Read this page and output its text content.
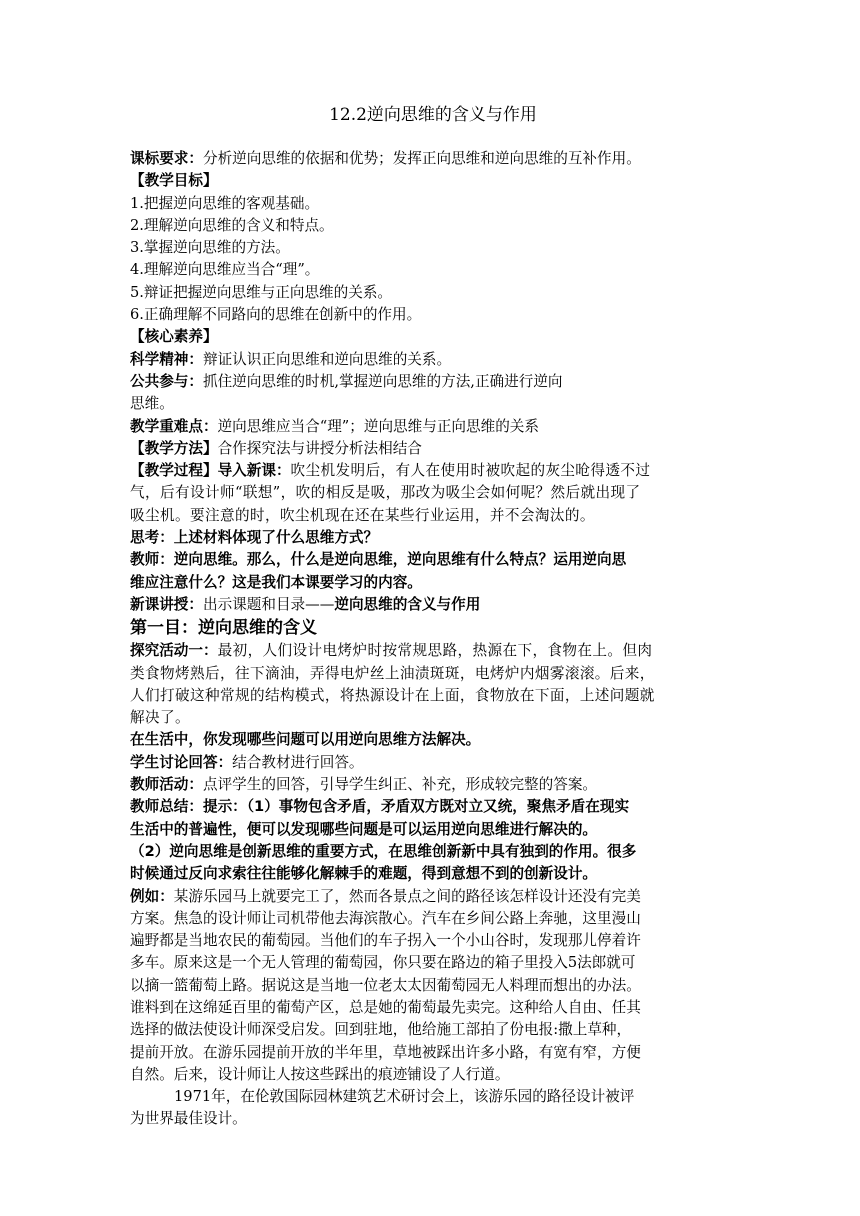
12.2逆向思维的含义与作用
课标要求：分析逆向思维的依据和优势；发挥正向思维和逆向思维的互补作用。
【教学目标】
1.把握逆向思维的客观基础。
2.理解逆向思维的含义和特点。
3.掌握逆向思维的方法。
4.理解逆向思维应当合“理”。
5.辩证把握逆向思维与正向思维的关系。
6.正确理解不同路向的思维在创新中的作用。
【核心素养】
科学精神：辩证认识正向思维和逆向思维的关系。
公共参与：抓住逆向思维的时机,掌握逆向思维的方法,正确进行逆向
思维。
教学重难点：逆向思维应当合“理”；逆向思维与正向思维的关系
【教学方法】合作探究法与讲授分析法相结合
【教学过程】导入新课：吹尘机发明后，有人在使用时被吹起的灰尘呛得透不过
气，后有设计师“联想”，吹的相反是吸，那改为吸尘会如何呢？然后就出现了
吸尘机。要注意的时，吹尘机现在还在某些行业运用，并不会淘汰的。
思考：上述材料体现了什么思维方式？
教师：逆向思维。那么，什么是逆向思维，逆向思维有什么特点？运用逆向思
维应注意什么？这是我们本课要学习的内容。
新课讲授：出示课题和目录——逆向思维的含义与作用
第一目：逆向思维的含义
探究活动一：最初，人们设计电烤炉时按常规思路，热源在下，食物在上。但肉
类食物烤熟后，往下滴油，弄得电炉丝上油渍斑斑，电烤炉内烟雾滚滚。后来，
人们打破这种常规的结构模式，将热源设计在上面，食物放在下面，上述问题就
解决了。
在生活中，你发现哪些问题可以用逆向思维方法解决。
学生讨论回答：结合教材进行回答。
教师活动：点评学生的回答，引导学生纠正、补充，形成较完整的答案。
教师总结：提示：（1）事物包含矛盾，矛盾双方既对立又统，聚焦矛盾在现实
生活中的普遍性，便可以发现哪些问题是可以运用逆向思维进行解决的。
（2）逆向思维是创新思维的重要方式，在思维创新新中具有独到的作用。很多
时候通过反向求索往往能够化解棘手的难题，得到意想不到的创新设计。
例如：某游乐园马上就要完工了，然而各景点之间的路径该怎样设计还没有完美
方案。焦急的设计师让司机带他去海滨散心。汽车在乡间公路上奔驰，这里漫山
遍野都是当地农民的葡萄园。当他们的车子拐入一个小山谷时，发现那儿停着许
多车。原来这是一个无人管理的葡萄园，你只要在路边的箱子里投入5法郎就可
以摘一篮葡萄上路。据说这是当地一位老太太因葡萄园无人料理而想出的办法。
谁料到在这绵延百里的葡萄产区，总是她的葡萄最先卖完。这种给人自由、任其
选择的做法使设计师深受启发。回到驻地，他给施工部拍了份电报:撒上草种，
提前开放。在游乐园提前开放的半年里，草地被踩出许多小路，有宽有窄，方便
自然。后来，设计师让人按这些踩出的痕迹铺设了人行道。
1971年，在伦敦国际园林建筑艺术研讨会上，该游乐园的路径设计被评
为世界最佳设计。
